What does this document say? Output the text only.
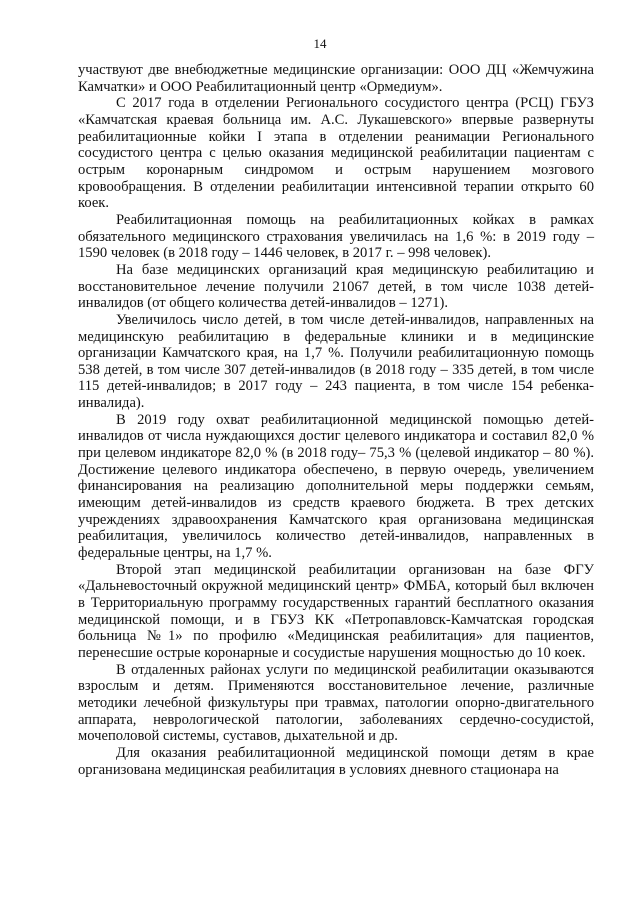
14

участвуют две внебюджетные медицинские организации: ООО ДЦ «Жемчужина Камчатки» и ООО Реабилитационный центр «Ормедиум».

С 2017 года в отделении Регионального сосудистого центра (РСЦ) ГБУЗ «Камчатская краевая больница им. А.С. Лукашевского» впервые развернуты реабилитационные койки I этапа в отделении реанимации Регионального сосудистого центра с целью оказания медицинской реабилитации пациентам с острым коронарным синдромом и острым нарушением мозгового кровообращения. В отделении реабилитации интенсивной терапии открыто 60 коек.

Реабилитационная помощь на реабилитационных койках в рамках обязательного медицинского страхования увеличилась на 1,6 %: в 2019 году – 1590 человек (в 2018 году – 1446 человек, в 2017 г. – 998 человек).

На базе медицинских организаций края медицинскую реабилитацию и восстановительное лечение получили 21067 детей, в том числе 1038 детей-инвалидов (от общего количества детей-инвалидов – 1271).

Увеличилось число детей, в том числе детей-инвалидов, направленных на медицинскую реабилитацию в федеральные клиники и в медицинские организации Камчатского края, на 1,7 %. Получили реабилитационную помощь 538 детей, в том числе 307 детей-инвалидов (в 2018 году – 335 детей, в том числе 115 детей-инвалидов; в 2017 году – 243 пациента, в том числе 154 ребенка-инвалида).

В 2019 году охват реабилитационной медицинской помощью детей-инвалидов от числа нуждающихся достиг целевого индикатора и составил 82,0 % при целевом индикаторе 82,0 % (в 2018 году– 75,3 % (целевой индикатор – 80 %). Достижение целевого индикатора обеспечено, в первую очередь, увеличением финансирования на реализацию дополнительной меры поддержки семьям, имеющим детей-инвалидов из средств краевого бюджета. В трех детских учреждениях здравоохранения Камчатского края организована медицинская реабилитация, увеличилось количество детей-инвалидов, направленных в федеральные центры, на 1,7 %.

Второй этап медицинской реабилитации организован на базе ФГУ «Дальневосточный окружной медицинский центр» ФМБА, который был включен в Территориальную программу государственных гарантий бесплатного оказания медицинской помощи, и в ГБУЗ КК «Петропавловск-Камчатская городская больница №1» по профилю «Медицинская реабилитация» для пациентов, перенесшие острые коронарные и сосудистые нарушения мощностью до 10 коек.

В отдаленных районах услуги по медицинской реабилитации оказываются взрослым и детям. Применяются восстановительное лечение, различные методики лечебной физкультуры при травмах, патологии опорно-двигательного аппарата, неврологической патологии, заболеваниях сердечно-сосудистой, мочеполовой системы, суставов, дыхательной и др.

Для оказания реабилитационной медицинской помощи детям в крае организована медицинская реабилитация в условиях дневного стационара на
